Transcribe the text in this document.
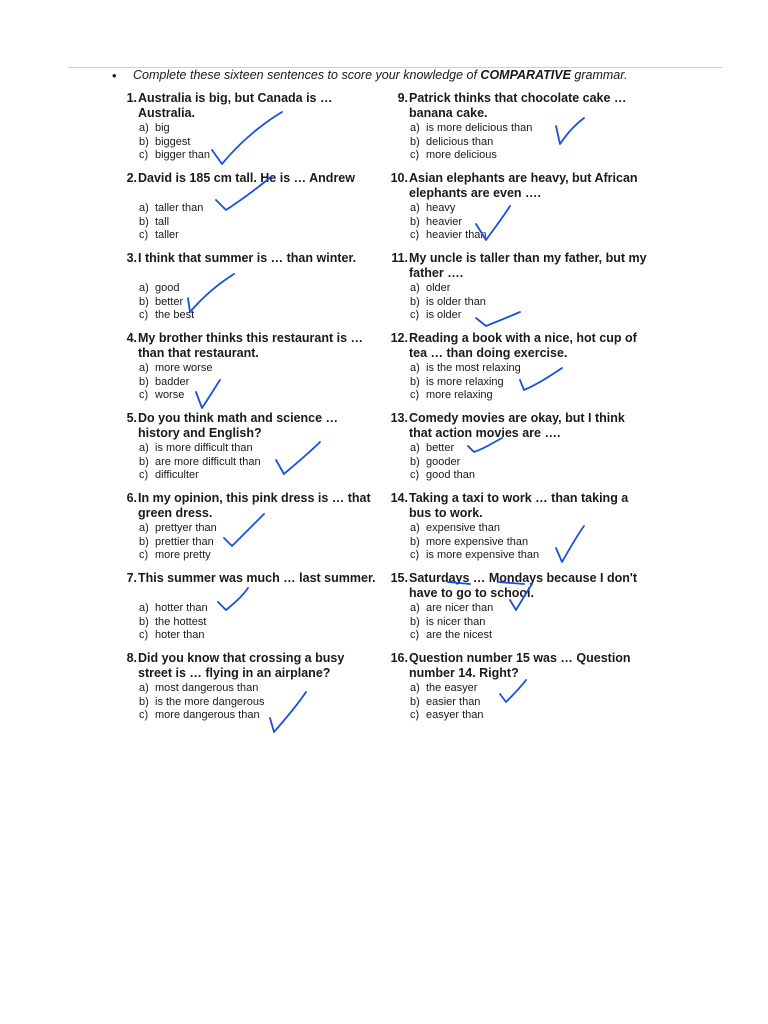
• Complete these sixteen sentences to score your knowledge of COMPARATIVE grammar.
1. Australia is big, but Canada is … Australia.
a) big
b) biggest
c) bigger than
2. David is 185 cm tall. He is … Andrew
a) taller than
b) tall
c) taller
3. I think that summer is … than winter.
a) good
b) better
c) the best
4. My brother thinks this restaurant is … than that restaurant.
a) more worse
b) badder
c) worse
5. Do you think math and science … history and English?
a) is more difficult than
b) are more difficult than
c) difficulter
6. In my opinion, this pink dress is … that green dress.
a) prettyer than
b) prettier than
c) more pretty
7. This summer was much … last summer.
a) hotter than
b) the hottest
c) hoter than
8. Did you know that crossing a busy street is … flying in an airplane?
a) most dangerous than
b) is the more dangerous
c) more dangerous than
9. Patrick thinks that chocolate cake … banana cake.
a) is more delicious than
b) delicious than
c) more delicious
10. Asian elephants are heavy, but African elephants are even ….
a) heavy
b) heavier
c) heavier than
11. My uncle is taller than my father, but my father ….
a) older
b) is older than
c) is older
12. Reading a book with a nice, hot cup of tea … than doing exercise.
a) is the most relaxing
b) is more relaxing
c) more relaxing
13. Comedy movies are okay, but I think that action movies are ….
a) better
b) gooder
c) good than
14. Taking a taxi to work … than taking a bus to work.
a) expensive than
b) more expensive than
c) is more expensive than
15. Saturdays … Mondays because I don't have to go to school.
a) are nicer than
b) is nicer than
c) are the nicest
16. Question number 15 was … Question number 14. Right?
a) the easyer
b) easier than
c) easyer than
